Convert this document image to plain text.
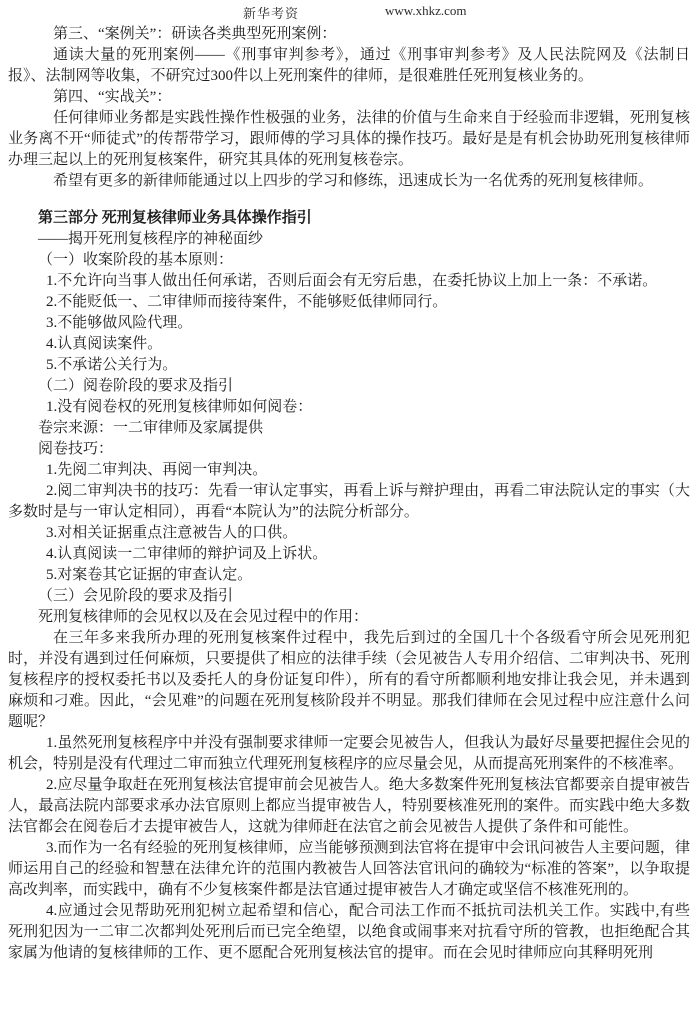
新华考资	www.xhkz.com

第三、“案例关”：研读各类典型死刑案例：

通读大量的死刑案例——《刑事审判参考》，通过《刑事审判参考》及人民法院网及《法制日报》、法制网等收集，不研究过300件以上死刑案件的律师，是很难胜任死刑复核业务的。

第四、“实战关”：

任何律师业务都是实践性操作性极强的业务，法律的价值与生命来自于经验而非逻辑，死刑复核业务离不开“师徒式”的传帮带学习，跟师傅的学习具体的操作技巧。最好是是有机会协助死刑复核律师办理三起以上的死刑复核案件，研究其具体的死刑复核卷宗。

希望有更多的新律师能通过以上四步的学习和修练，迅速成长为一名优秀的死刑复核律师。

第三部分 死刑复核律师业务具体操作指引

——揭开死刑复核程序的神秘面纱

（一）收案阶段的基本原则：

1.不允许向当事人做出任何承诺，否则后面会有无穷后患，在委托协议上加上一条：不承诺。

2.不能贬低一、二审律师而接待案件，不能够贬低律师同行。

3.不能够做风险代理。

4.认真阅读案件。

5.不承诺公关行为。

（二）阅卷阶段的要求及指引

1.没有阅卷权的死刑复核律师如何阅卷：

卷宗来源：一二审律师及家属提供

阅卷技巧：

1.先阅二审判决、再阅一审判决。

2.阅二审判决书的技巧：先看一审认定事实，再看上诉与辩护理由，再看二审法院认定的事实（大多数时是与一审认定相同），再看“本院认为”的法院分析部分。

3.对相关证据重点注意被告人的口供。

4.认真阅读一二审律师的辩护词及上诉状。

5.对案卷其它证据的审查认定。

（三）会见阶段的要求及指引

死刑复核律师的会见权以及在会见过程中的作用：

在三年多来我所办理的死刑复核案件过程中，我先后到过的全国几十个各级看守所会见死刑犯时，并没有遇到过任何麻烦，只要提供了相应的法律手续（会见被告人专用介绍信、二审判决书、死刑复核程序的授权委托书以及委托人的身份证复印件），所有的看守所都顺利地安排让我会见，并未遇到麻烦和刁难。因此，“会见难”的问题在死刑复核阶段并不明显。那我们律师在会见过程中应注意什么问题呢？

1.虽然死刑复核程序中并没有强制要求律师一定要会见被告人，但我认为最好尽量要把握住会见的机会，特别是没有代理过二审而独立代理死刑复核程序的应尽量会见，从而提高死刑案件的不核准率。

2.应尽量争取赶在死刑复核法官提审前会见被告人。绝大多数案件死刑复核法官都要亲自提审被告人，最高法院内部要求承办法官原则上都应当提审被告人，特别要核准死刑的案件。而实践中绝大多数法官都会在阅卷后才去提审被告人，这就为律师赶在法官之前会见被告人提供了条件和可能性。

3.而作为一名有经验的死刑复核律师，应当能够预测到法官将在提审中会讯问被告人主要问题，律师运用自己的经验和智慧在法律允许的范围内教被告人回答法官讯问的确较为“标准的答案”，以争取提高改判率，而实践中，确有不少复核案件都是法官通过提审被告人才确定或坚信不核准死刑的。

4.应通过会见帮助死刑犯树立起希望和信心，配合司法工作而不抵抗司法机关工作。实践中,有些死刑犯因为一二审二次都判处死刑后而已完全绝望，以绝食或闹事来对抗看守所的管教，也拒绝配合其家属为他请的复核律师的工作、更不愿配合死刑复核法官的提审。而在会见时律师应向其释明死刑
